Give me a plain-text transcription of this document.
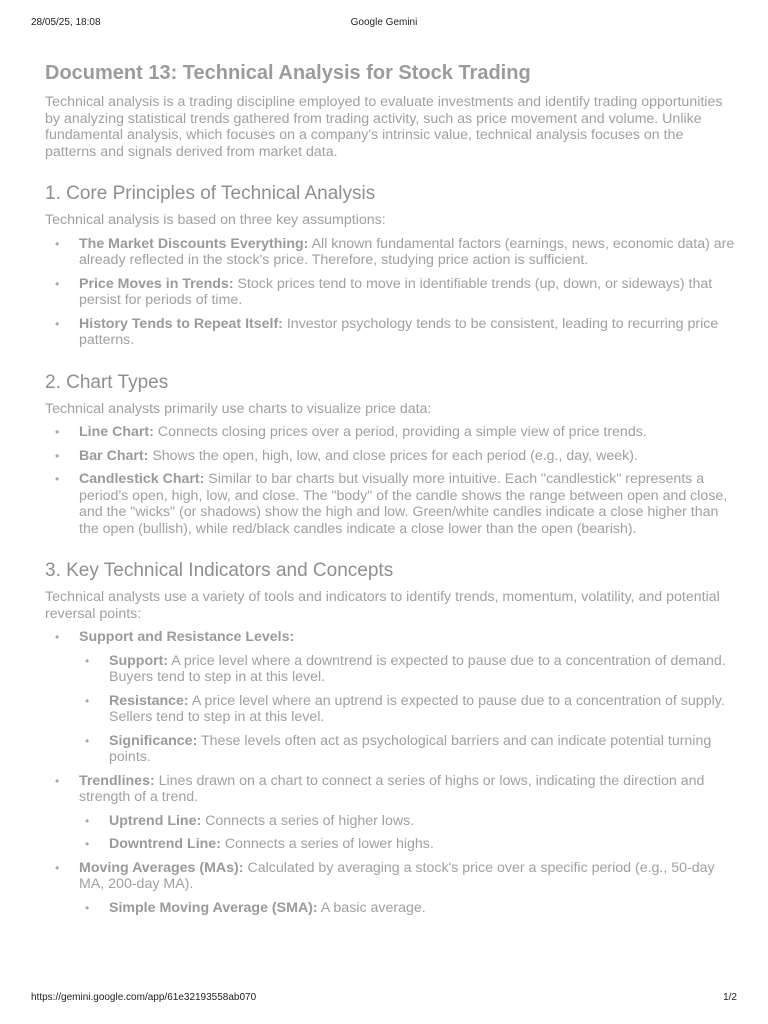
28/05/25, 18:08	Google Gemini
Document 13: Technical Analysis for Stock Trading

Technical analysis is a trading discipline employed to evaluate investments and identify trading opportunities by analyzing statistical trends gathered from trading activity, such as price movement and volume. Unlike fundamental analysis, which focuses on a company's intrinsic value, technical analysis focuses on the patterns and signals derived from market data.

1. Core Principles of Technical Analysis

Technical analysis is based on three key assumptions:

• The Market Discounts Everything: All known fundamental factors (earnings, news, economic data) are already reflected in the stock's price. Therefore, studying price action is sufficient.
• Price Moves in Trends: Stock prices tend to move in identifiable trends (up, down, or sideways) that persist for periods of time.
• History Tends to Repeat Itself: Investor psychology tends to be consistent, leading to recurring price patterns.
2. Chart Types

Technical analysts primarily use charts to visualize price data:

• Line Chart: Connects closing prices over a period, providing a simple view of price trends.
• Bar Chart: Shows the open, high, low, and close prices for each period (e.g., day, week).
• Candlestick Chart: Similar to bar charts but visually more intuitive. Each "candlestick" represents a period's open, high, low, and close. The "body" of the candle shows the range between open and close, and the "wicks" (or shadows) show the high and low. Green/white candles indicate a close higher than the open (bullish), while red/black candles indicate a close lower than the open (bearish).
3. Key Technical Indicators and Concepts

Technical analysts use a variety of tools and indicators to identify trends, momentum, volatility, and potential reversal points:

• Support and Resistance Levels:
• Support: A price level where a downtrend is expected to pause due to a concentration of demand. Buyers tend to step in at this level.
• Resistance: A price level where an uptrend is expected to pause due to a concentration of supply. Sellers tend to step in at this level.
• Significance: These levels often act as psychological barriers and can indicate potential turning points.
• Trendlines: Lines drawn on a chart to connect a series of highs or lows, indicating the direction and strength of a trend.
• Uptrend Line: Connects a series of higher lows.
• Downtrend Line: Connects a series of lower highs.
• Moving Averages (MAs): Calculated by averaging a stock's price over a specific period (e.g., 50-day MA, 200-day MA).
• Simple Moving Average (SMA): A basic average.
https://gemini.google.com/app/61e32193558ab070	1/2
